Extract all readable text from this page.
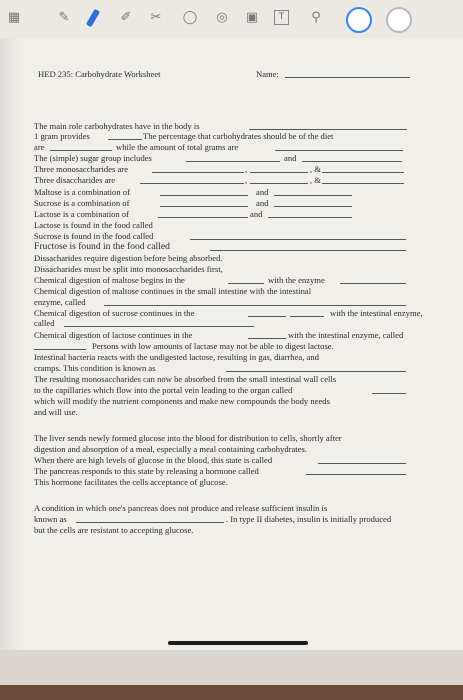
▦	✎	✐ ✂ ◯ ◎ ▣	T	⚲
HED 235: Carbohydrate Worksheet	Name:
The main role carbohydrates have in the body is
1 gram provides	The percentage that carbohydrates should be of the diet
are	while the amount of total grams are
The (simple) sugar group includes	and
Three monosaccharides are	,	, &
Three disaccharides are	,	, &
Maltose is a combination of	and
Sucrose is a combination of	and
Lactose is a combination of	and
Lactose is found in the food called
Sucrose is found in the food called
Fructose is found in the food called
Dissacharides require digestion before being absorbed.
Dissacharides must be split into monosaccharides first,
Chemical digestion of maltose begins in the	with the enzyme
Chemical digestion of maltose continues in the small intestine with the intestinal
enzyme, called
Chemical digestion of sucrose continues in the	with the intestinal enzyme,
called
Chemical digestion of lactose continues in the	with the intestinal enzyme, called
Persons with low amounts of lactase may not be able to digest lactose.
Intestinal bacteria reacts with the undigested lactose, resulting in gas, diarrhea, and
cramps. This condition is known as
The resulting monosaccharides can now be absorbed from the small intestinal wall cells
to the capillaries which flow into the portal vein leading to the organ called
which will modify the nutrient components and make new compounds the body needs
and will use.
The liver sends newly formed glucose into the blood for distribution to cells, shortly after
digestion and absorption of a meal, especially a meal containing carbohydrates.
When there are high levels of glucose in the blood, this state is called
The pancreas responds to this state by releasing a hormone called
This hormone facilitates the cells acceptance of glucose.
A condition in which one's pancreas does not produce and release sufficient insulin is
known as	. In type II diabetes, insulin is initially produced
but the cells are resistant to accepting glucose.
